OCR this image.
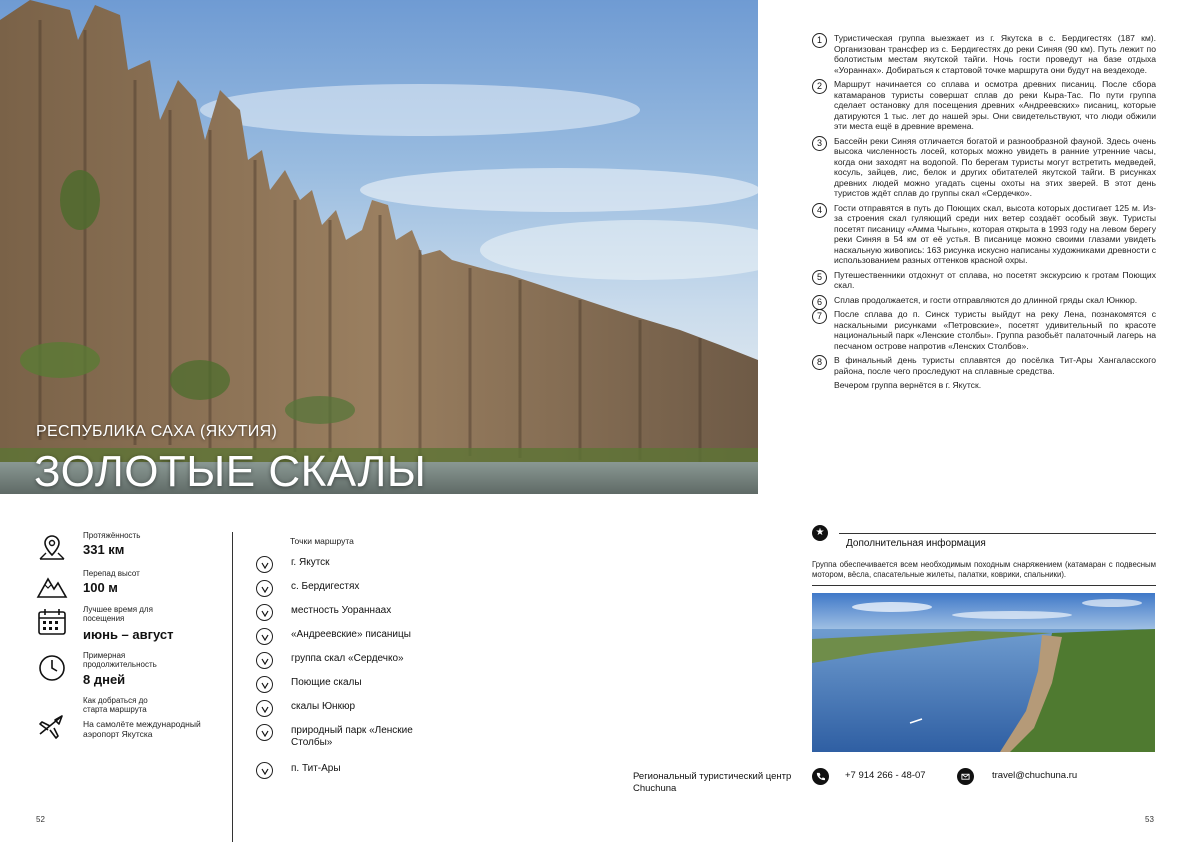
РЕСПУБЛИКА САХА (ЯКУТИЯ)
ЗОЛОТЫЕ СКАЛЫ
Протяжённость
331 км
Перепад высот
100 м
Лучшее время для посещения
июнь – август
Примерная продолжительность
8 дней
Как добраться до старта маршрута
На самолёте международный аэропорт Якутска
Точки маршрута
г. Якутск
с. Бердигестях
местность Уораннаах
«Андреевские» писаницы
группа скал «Сердечко»
Поющие скалы
скалы Юнкюр
природный парк «Ленские Столбы»
п. Тит-Ары
52
1	Туристическая группа выезжает из г. Якутска в с. Бердигестях (187 км). Организован трансфер из с. Бердигестях до реки Синяя (90 км). Путь лежит по болотистым местам якутской тайги. Ночь гости проведут на базе отдыха «Уораннах». Добираться к стартовой точке маршрута они будут на вездеходе.

2	Маршрут начинается со сплава и осмотра древних писаниц. После сбора катамаранов туристы совершат сплав до реки Кыра-Тас. По пути группа сделает остановку для посещения древних «Андреевских» писаниц, которые датируются 1 тыс. лет до нашей эры. Они свидетельствуют, что люди обжили эти места ещё в древние времена.

3	Бассейн реки Синяя отличается богатой и разнообразной фауной. Здесь очень высока численность лосей, которых можно увидеть в ранние утренние часы, когда они заходят на водопой. По берегам туристы могут встретить медведей, косуль, зайцев, лис, белок и других обитателей якутской тайги. В рисунках древних людей можно угадать сцены охоты на этих зверей. В этот день туристов ждёт сплав до группы скал «Сердечко».

4	Гости отправятся в путь до Поющих скал, высота которых достигает 125 м. Из-за строения скал гуляющий среди них ветер создаёт особый звук. Туристы посетят писаницу «Амма Чыгын», которая открыта в 1993 году на левом берегу реки Синяя в 54 км от её устья. В писанице можно своими глазами увидеть наскальную живопись: 163 рисунка искусно написаны художниками древности с использованием разных оттенков красной охры.

5	Путешественники отдохнут от сплава, но посетят экскурсию к гротам Поющих скал.

6	Сплав продолжается, и гости отправляются до длинной гряды скал Юнкюр.

7	После сплава до п. Синск туристы выйдут на реку Лена, познакомятся с наскальными рисунками «Петровские», посетят удивительный по красоте национальный парк «Ленские столбы». Группа разобьёт палаточный лагерь на песчаном острове напротив «Ленских Столбов».

8	В финальный день туристы сплавятся до посёлка Тит-Ары Хангаласского района, после чего проследуют на сплавные средства.

Вечером группа вернётся в г. Якутск.
★
Дополнительная информация
Группа обеспечивается всем необходимым походным снаряжением (катамаран с подвесным мотором, вёсла, спасательные жилеты, палатки, коврики, спальники).
Региональный туристический центр Chuchuna
+7 914 266 - 48-07	travel@chuchuna.ru
53
